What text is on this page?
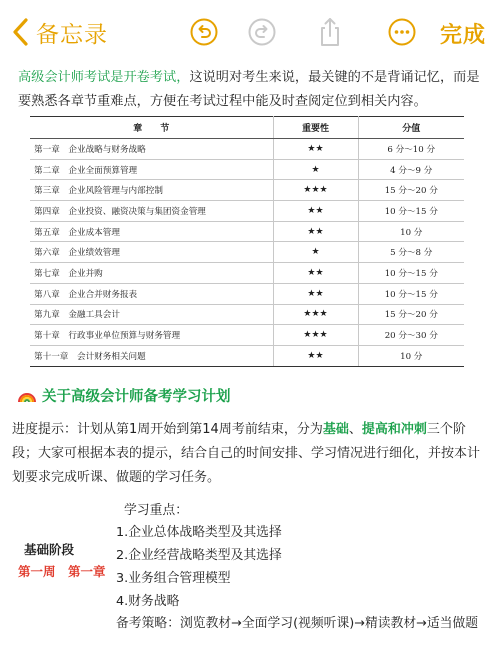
备忘录	完成

高级会计师考试是开卷考试，这说明对考生来说，最关键的不是背诵记忆，而是要熟悉各章节重难点，方便在考试过程中能及时查阅定位到相关内容。

章　　节	重要性	分值
第一章　企业战略与财务战略	★★	6 分～10 分
第二章　企业全面预算管理	★	4 分～9 分
第三章　企业风险管理与内部控制	★★★	15 分～20 分
第四章　企业投资、融资决策与集团资金管理	★★	10 分～15 分
第五章　企业成本管理	★★	10 分
第六章　企业绩效管理	★	5 分～8 分
第七章　企业并购	★★	10 分～15 分
第八章　企业合并财务报表	★★	10 分～15 分
第九章　金融工具会计	★★★	15 分～20 分
第十章　行政事业单位预算与财务管理	★★★	20 分～30 分
第十一章　会计财务相关问题	★★	10 分
关于高级会计师备考学习计划

进度提示：计划从第1周开始到第14周考前结束，分为基础、提高和冲刺三个阶段；大家可根据本表的提示，结合自己的时间安排、学习情况进行细化，并按本计划要求完成听课、做题的学习任务。

基础阶段
第一周　第一章
学习重点：
1.企业总体战略类型及其选择
2.企业经营战略类型及其选择
3.业务组合管理模型
4.财务战略
备考策略：浏览教材→全面学习(视频听课)→精读教材→适当做题
